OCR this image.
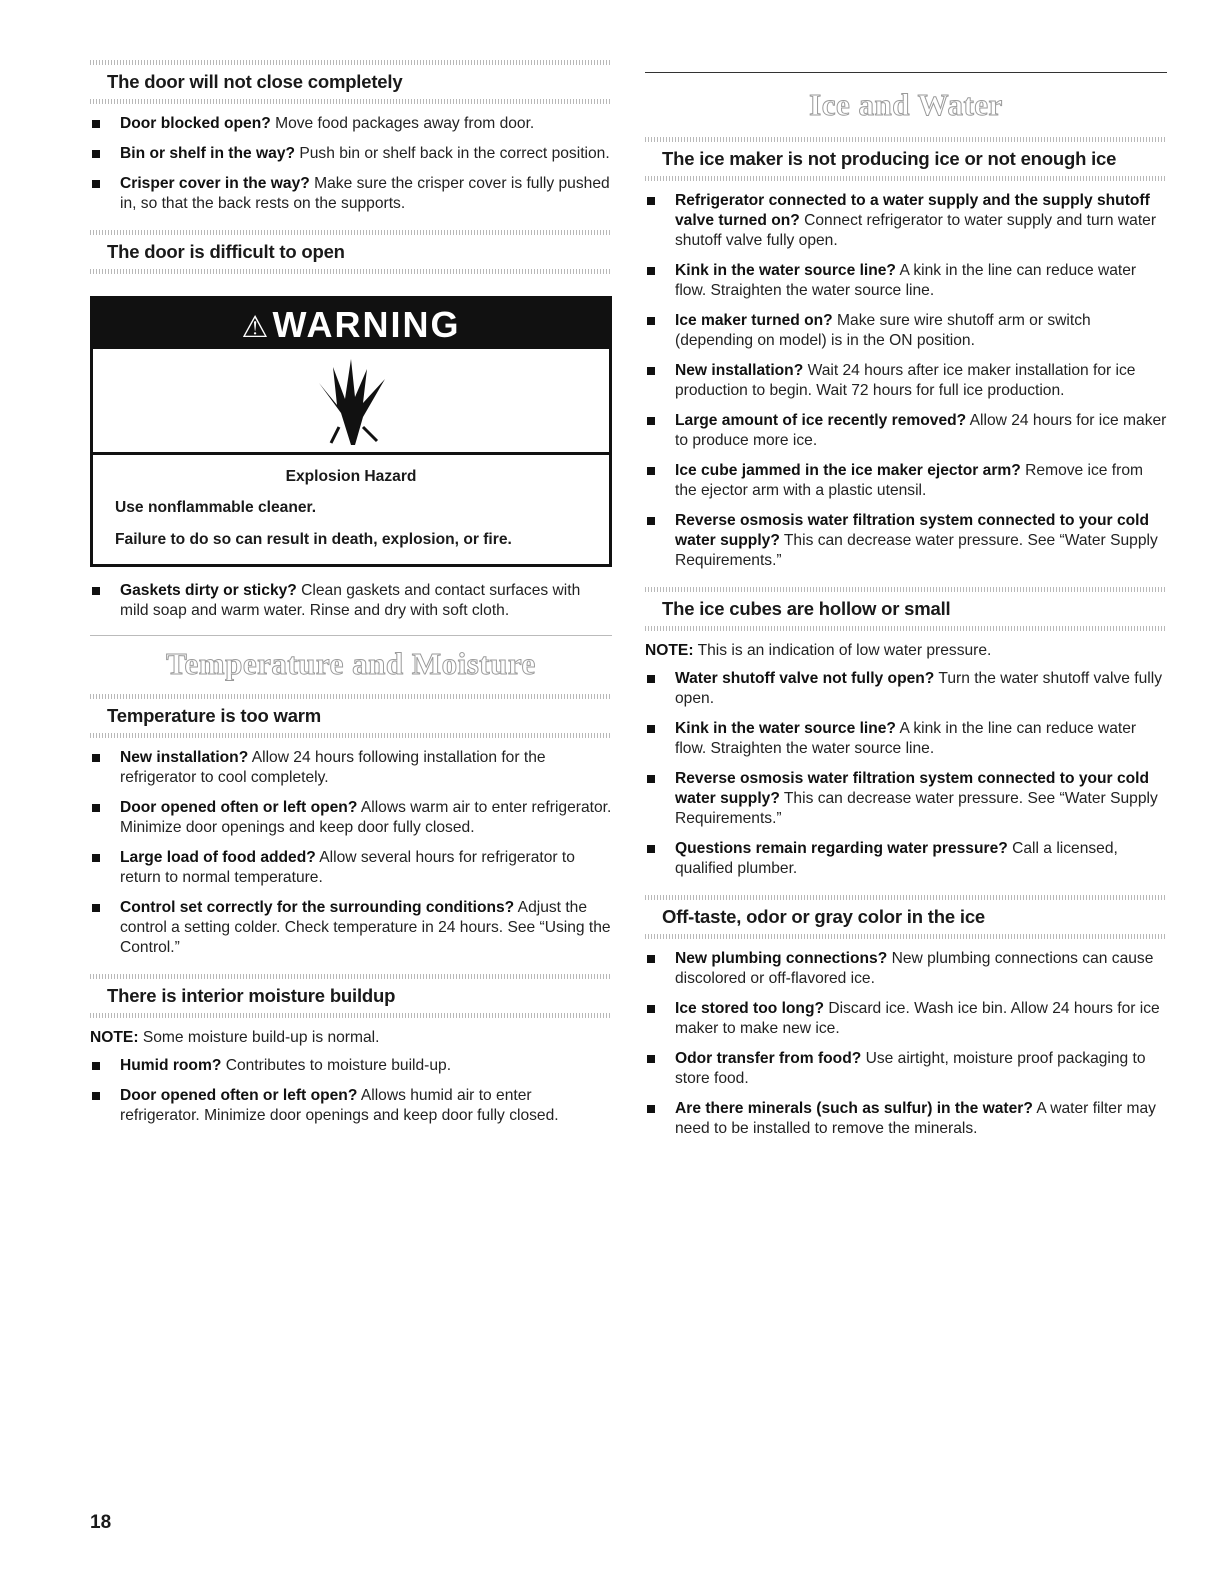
The door will not close completely
Door blocked open? Move food packages away from door.
Bin or shelf in the way? Push bin or shelf back in the correct position.
Crisper cover in the way? Make sure the crisper cover is fully pushed in, so that the back rests on the supports.
The door is difficult to open
⚠WARNING
Explosion Hazard

Use nonflammable cleaner.

Failure to do so can result in death, explosion, or fire.

Gaskets dirty or sticky? Clean gaskets and contact surfaces with mild soap and warm water. Rinse and dry with soft cloth.
Temperature and Moisture
Temperature is too warm
New installation? Allow 24 hours following installation for the refrigerator to cool completely.
Door opened often or left open? Allows warm air to enter refrigerator. Minimize door openings and keep door fully closed.
Large load of food added? Allow several hours for refrigerator to return to normal temperature.
Control set correctly for the surrounding conditions? Adjust the control a setting colder. Check temperature in 24 hours. See “Using the Control.”
There is interior moisture buildup

NOTE: Some moisture build-up is normal.

Humid room? Contributes to moisture build-up.
Door opened often or left open? Allows humid air to enter refrigerator. Minimize door openings and keep door fully closed.
Ice and Water
The ice maker is not producing ice or not enough ice
Refrigerator connected to a water supply and the supply shutoff valve turned on? Connect refrigerator to water supply and turn water shutoff valve fully open.
Kink in the water source line? A kink in the line can reduce water flow. Straighten the water source line.
Ice maker turned on? Make sure wire shutoff arm or switch (depending on model) is in the ON position.
New installation? Wait 24 hours after ice maker installation for ice production to begin. Wait 72 hours for full ice production.
Large amount of ice recently removed? Allow 24 hours for ice maker to produce more ice.
Ice cube jammed in the ice maker ejector arm? Remove ice from the ejector arm with a plastic utensil.
Reverse osmosis water filtration system connected to your cold water supply? This can decrease water pressure. See “Water Supply Requirements.”
The ice cubes are hollow or small

NOTE: This is an indication of low water pressure.

Water shutoff valve not fully open? Turn the water shutoff valve fully open.
Kink in the water source line? A kink in the line can reduce water flow. Straighten the water source line.
Reverse osmosis water filtration system connected to your cold water supply? This can decrease water pressure. See “Water Supply Requirements.”
Questions remain regarding water pressure? Call a licensed, qualified plumber.
Off-taste, odor or gray color in the ice
New plumbing connections? New plumbing connections can cause discolored or off-flavored ice.
Ice stored too long? Discard ice. Wash ice bin. Allow 24 hours for ice maker to make new ice.
Odor transfer from food? Use airtight, moisture proof packaging to store food.
Are there minerals (such as sulfur) in the water? A water filter may need to be installed to remove the minerals.
18
